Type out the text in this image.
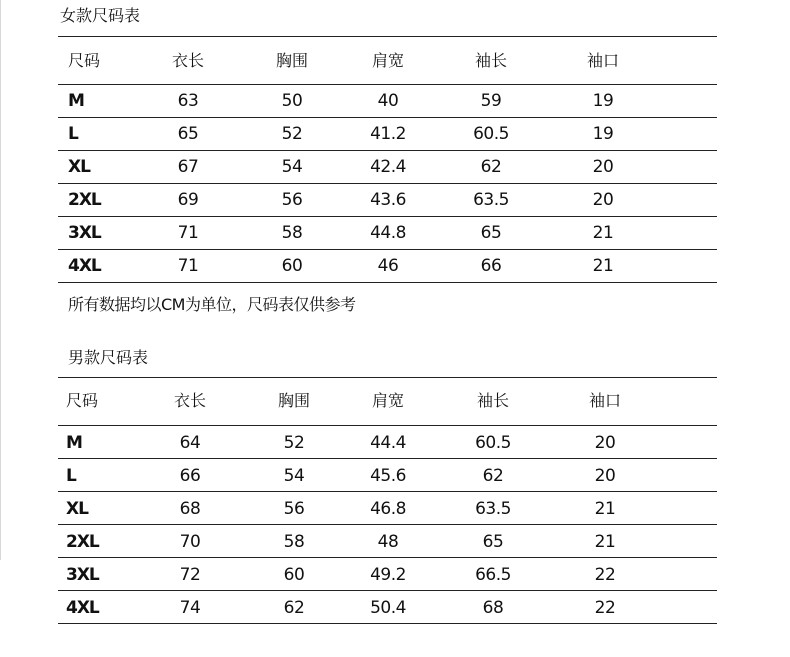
女款尺码表
尺码	衣长	胸围	肩宽	袖长	袖口
M	63	50	40	59	19
L	65	52	41.2	60.5	19
XL	67	54	42.4	62	20
2XL	69	56	43.6	63.5	20
3XL	71	58	44.8	65	21
4XL	71	60	46	66	21
所有数据均以CM为单位，尺码表仅供参考
男款尺码表
尺码	衣长	胸围	肩宽	袖长	袖口
M	64	52	44.4	60.5	20
L	66	54	45.6	62	20
XL	68	56	46.8	63.5	21
2XL	70	58	48	65	21
3XL	72	60	49.2	66.5	22
4XL	74	62	50.4	68	22
